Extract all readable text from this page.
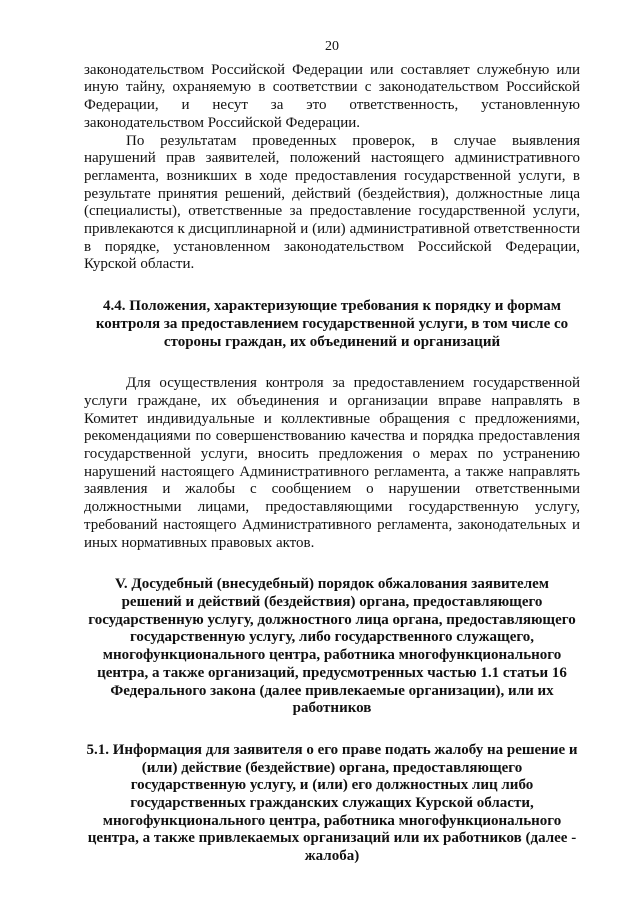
20

законодательством Российской Федерации или составляет служебную или иную тайну, охраняемую в соответствии с законодательством Российской Федерации, и несут за это ответственность, установленную законодательством Российской Федерации.

По результатам проведенных проверок, в случае выявления нарушений прав заявителей, положений настоящего административного регламента, возникших в ходе предоставления государственной услуги, в результате принятия решений, действий (бездействия), должностные лица (специалисты), ответственные за предоставление государственной услуги, привлекаются к дисциплинарной и (или) административной ответственности в порядке, установленном законодательством Российской Федерации, Курской области.

4.4. Положения, характеризующие требования к порядку и формам контроля за предоставлением государственной услуги, в том числе со стороны граждан, их объединений и организаций

Для осуществления контроля за предоставлением государственной услуги граждане, их объединения и организации вправе направлять в Комитет индивидуальные и коллективные обращения с предложениями, рекомендациями по совершенствованию качества и порядка предоставления государственной услуги, вносить предложения о мерах по устранению нарушений настоящего Административного регламента, а также направлять заявления и жалобы с сообщением о нарушении ответственными должностными лицами, предоставляющими государственную услугу, требований настоящего Административного регламента, законодательных и иных нормативных правовых актов.

V. Досудебный (внесудебный) порядок обжалования заявителем решений и действий (бездействия) органа, предоставляющего государственную услугу, должностного лица органа, предоставляющего государственную услугу, либо государственного служащего, многофункционального центра, работника многофункционального центра, а также организаций, предусмотренных частью 1.1 статьи 16 Федерального закона (далее привлекаемые организации), или их работников
5.1. Информация для заявителя о его праве подать жалобу на решение и (или) действие (бездействие) органа, предоставляющего государственную услугу, и (или) его должностных лиц либо государственных гражданских служащих Курской области, многофункционального центра, работника многофункционального центра, а также привлекаемых организаций или их работников (далее - жалоба)
